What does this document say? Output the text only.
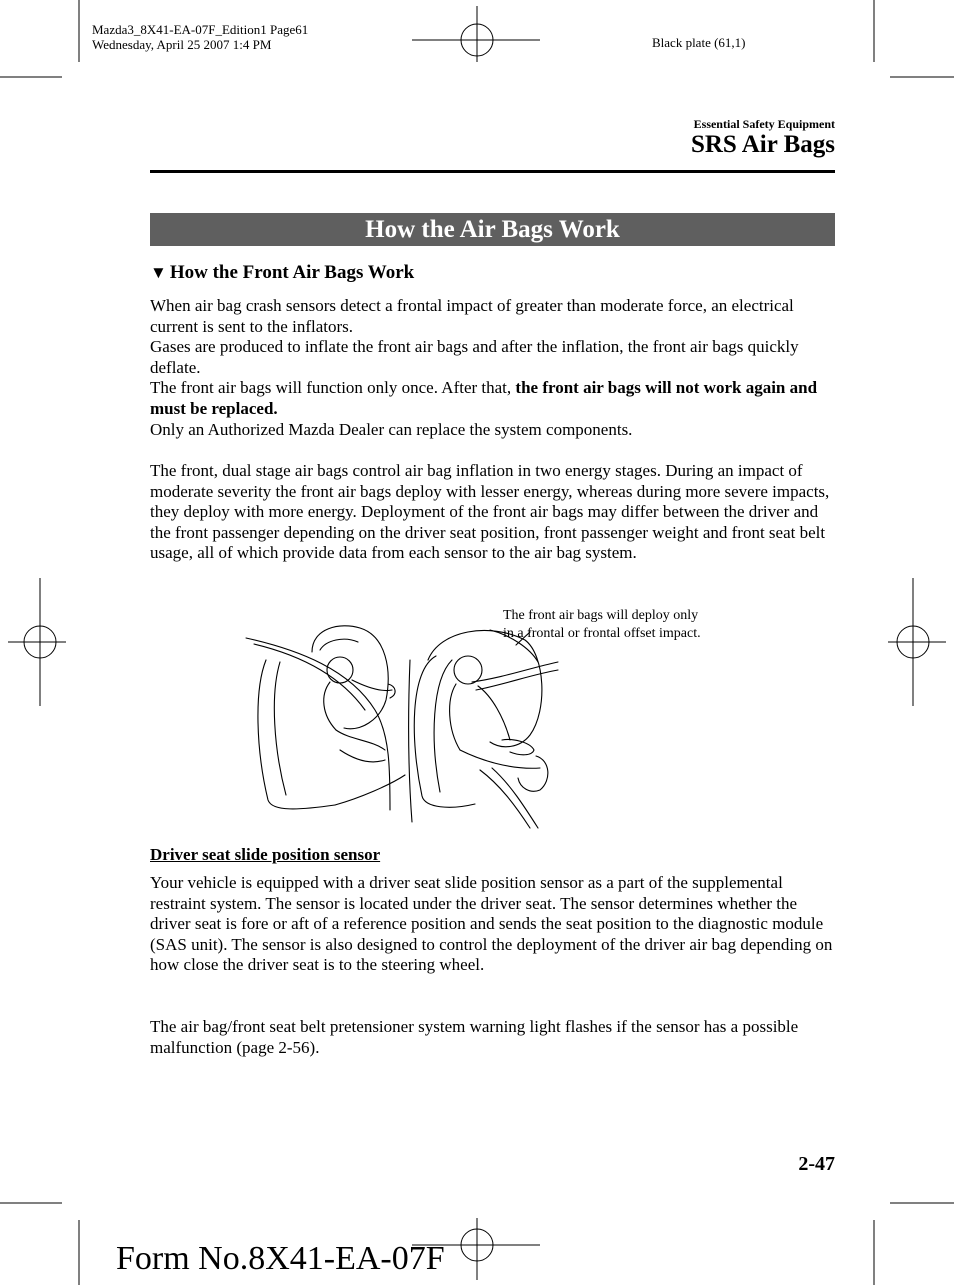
Mazda3_8X41-EA-07F_Edition1 Page61
Wednesday, April 25 2007 1:4 PM	Black plate (61,1)
Essential Safety Equipment
SRS Air Bags
How the Air Bags Work
▼ How the Front Air Bags Work
When air bag crash sensors detect a frontal impact of greater than moderate force, an electrical current is sent to the inflators.
Gases are produced to inflate the front air bags and after the inflation, the front air bags quickly deflate.
The front air bags will function only once. After that, the front air bags will not work again and must be replaced.
Only an Authorized Mazda Dealer can replace the system components.
The front, dual stage air bags control air bag inflation in two energy stages. During an impact of moderate severity the front air bags deploy with lesser energy, whereas during more severe impacts, they deploy with more energy. Deployment of the front air bags may differ between the driver and the front passenger depending on the driver seat position, front passenger weight and front seat belt usage, all of which provide data from each sensor to the air bag system.
The front air bags will deploy only
in a frontal or frontal offset impact.
Driver seat slide position sensor
Your vehicle is equipped with a driver seat slide position sensor as a part of the supplemental restraint system. The sensor is located under the driver seat. The sensor determines whether the driver seat is fore or aft of a reference position and sends the seat position to the diagnostic module (SAS unit). The sensor is also designed to control the deployment of the driver air bag depending on how close the driver seat is to the steering wheel.
The air bag/front seat belt pretensioner system warning light flashes if the sensor has a possible malfunction (page 2-56).
2-47
Form No.8X41-EA-07F
